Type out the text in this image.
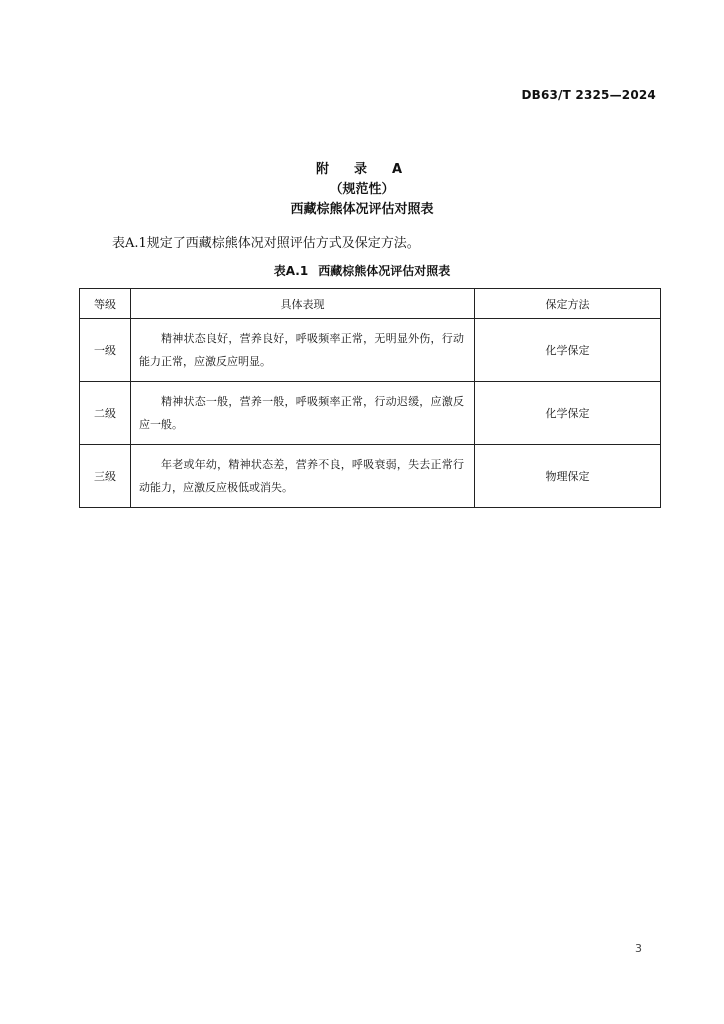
DB63/T 2325—2024
附　录　A
（规范性）
西藏棕熊体况评估对照表
表A.1规定了西藏棕熊体况对照评估方式及保定方法。
表A.1 西藏棕熊体况评估对照表
等级	具体表现	保定方法
一级	精神状态良好，营养良好，呼吸频率正常，无明显外伤，行动能力正常，应激反应明显。	化学保定
二级	精神状态一般，营养一般，呼吸频率正常，行动迟缓，应激反应一般。	化学保定
三级	年老或年幼，精神状态差，营养不良，呼吸衰弱，失去正常行动能力，应激反应极低或消失。	物理保定
3
